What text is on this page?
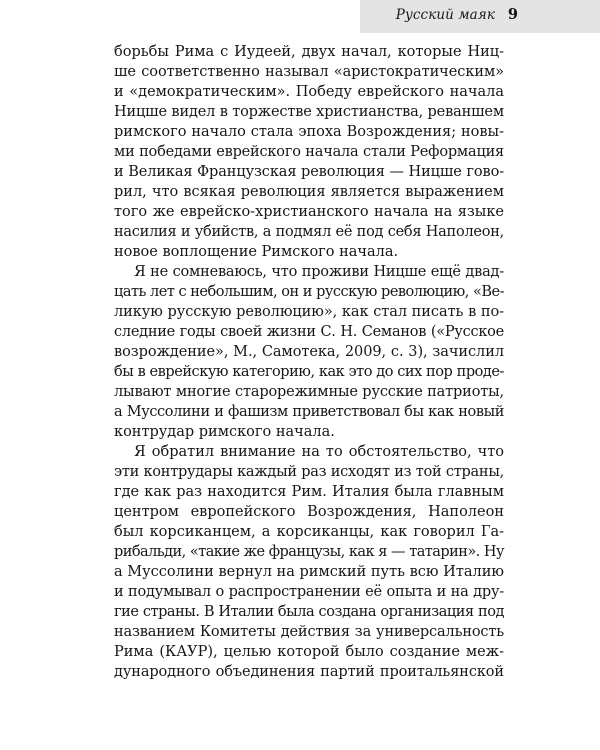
Русский маяк 9
борьбы Рима с Иудеей, двух начал, которые Ниц-
ше соответственно называл «аристократическим»
и «демократическим». Победу еврейского начала
Ницше видел в торжестве христианства, реваншем
римского начало стала эпоха Возрождения; новы-
ми победами еврейского начала стали Реформация
и Великая Французская революция — Ницше гово-
рил, что всякая революция является выражением
того же еврейско-христианского начала на языке
насилия и убийств, а подмял её под себя Наполеон,
новое воплощение Римского начала.
Я не сомневаюсь, что проживи Ницше ещё двад-
цать лет с небольшим, он и русскую революцию, «Ве-
ликую русскую революцию», как стал писать в по-
следние годы своей жизни С. Н. Семанов («Русское
возрождение», М., Самотека, 2009, с. 3), зачислил
бы в еврейскую категорию, как это до сих пор проде-
лывают многие старорежимные русские патриоты,
а Муссолини и фашизм приветствовал бы как новый
контрудар римского начала.
Я обратил внимание на то обстоятельство, что
эти контрудары каждый раз исходят из той страны,
где как раз находится Рим. Италия была главным
центром европейского Возрождения, Наполеон
был корсиканцем, а корсиканцы, как говорил Га-
рибальди, «такие же французы, как я — татарин». Ну
а Муссолини вернул на римский путь всю Италию
и подумывал о распространении её опыта и на дру-
гие страны. В Италии была создана организация под
названием Комитеты действия за универсальность
Рима (КАУР), целью которой было создание меж-
дународного объединения партий проитальянской
